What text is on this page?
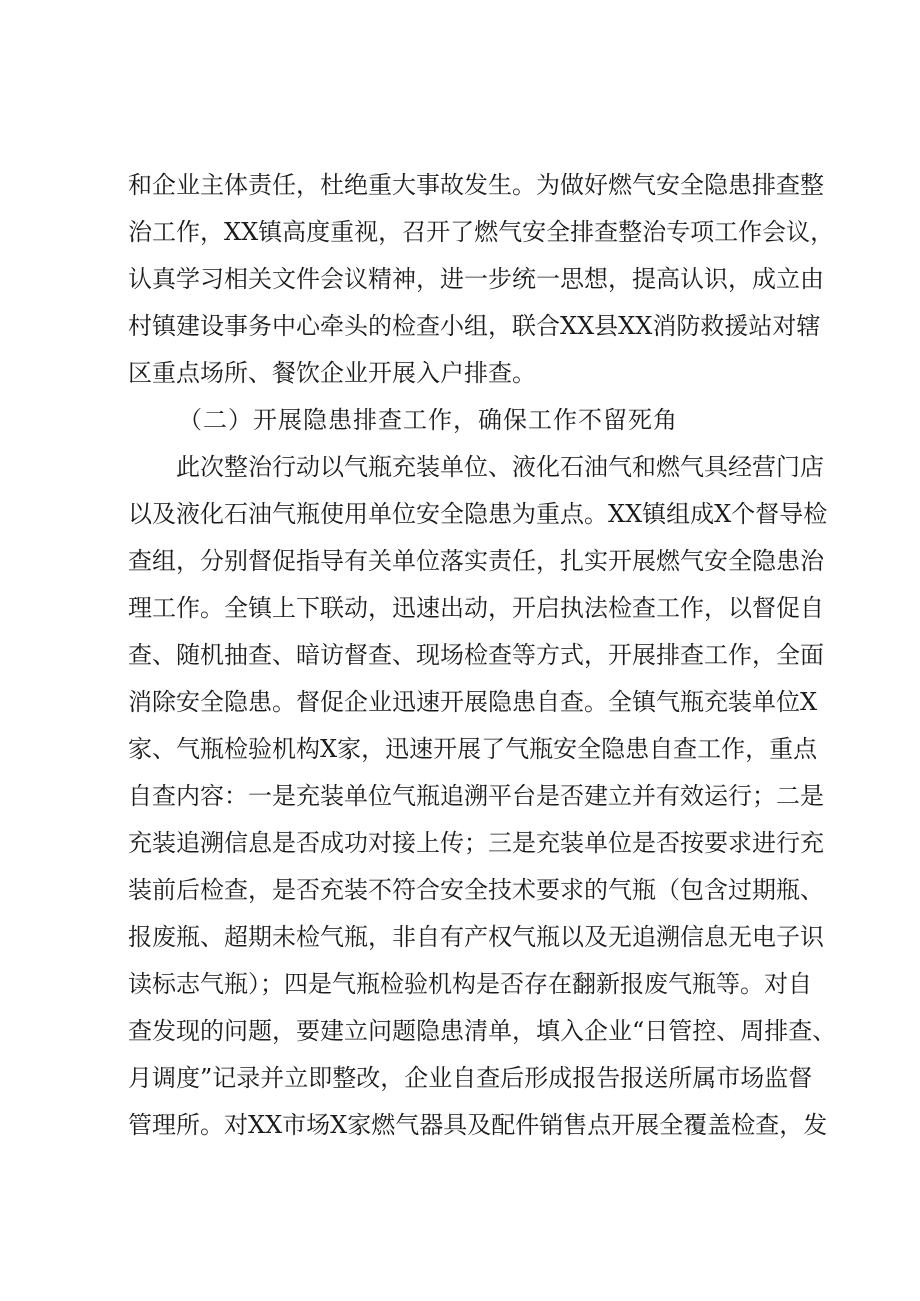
和企业主体责任，杜绝重大事故发生。为做好燃气安全隐患排查整
治工作，XX镇高度重视，召开了燃气安全排查整治专项工作会议，
认真学习相关文件会议精神，进一步统一思想，提高认识，成立由
村镇建设事务中心牵头的检查小组，联合XX县XX消防救援站对辖
区重点场所、餐饮企业开展入户排查。
（二）开展隐患排查工作，确保工作不留死角
此次整治行动以气瓶充装单位、液化石油气和燃气具经营门店
以及液化石油气瓶使用单位安全隐患为重点。XX镇组成X个督导检
查组，分别督促指导有关单位落实责任，扎实开展燃气安全隐患治
理工作。全镇上下联动，迅速出动，开启执法检查工作，以督促自
查、随机抽查、暗访督查、现场检查等方式，开展排查工作，全面
消除安全隐患。督促企业迅速开展隐患自查。全镇气瓶充装单位X
家、气瓶检验机构X家，迅速开展了气瓶安全隐患自查工作，重点
自查内容：一是充装单位气瓶追溯平台是否建立并有效运行；二是
充装追溯信息是否成功对接上传；三是充装单位是否按要求进行充
装前后检查，是否充装不符合安全技术要求的气瓶（包含过期瓶、
报废瓶、超期未检气瓶，非自有产权气瓶以及无追溯信息无电子识
读标志气瓶）；四是气瓶检验机构是否存在翻新报废气瓶等。对自
查发现的问题，要建立问题隐患清单，填入企业“日管控、周排查、
月调度”记录并立即整改，企业自查后形成报告报送所属市场监督
管理所。对XX市场X家燃气器具及配件销售点开展全覆盖检查，发
